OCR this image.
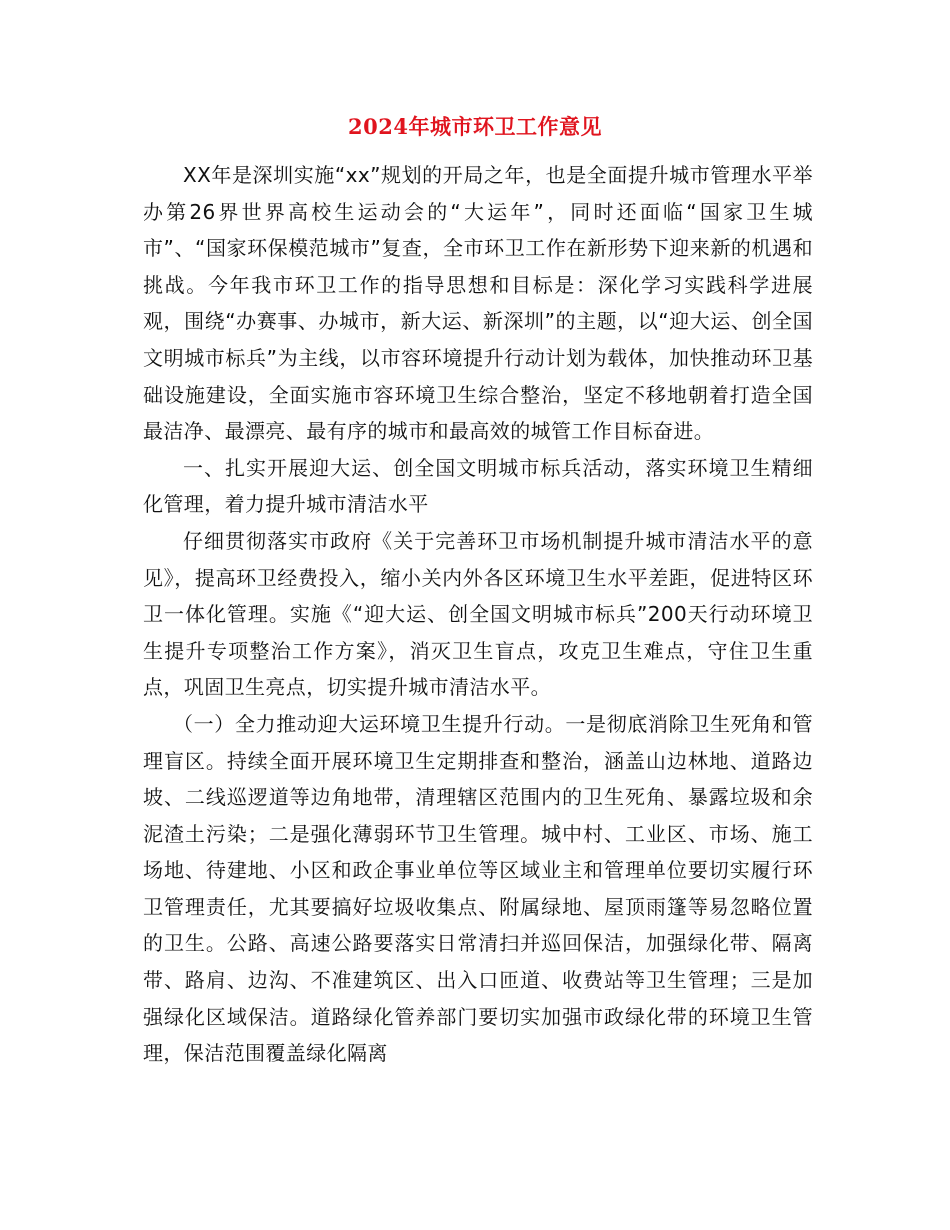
2024年城市环卫工作意见

XX年是深圳实施“xx”规划的开局之年，也是全面提升城市管理水平举办第26界世界高校生运动会的“大运年”，同时还面临“国家卫生城市”、“国家环保模范城市”复查，全市环卫工作在新形势下迎来新的机遇和挑战。今年我市环卫工作的指导思想和目标是：深化学习实践科学进展观，围绕“办赛事、办城市，新大运、新深圳”的主题，以“迎大运、创全国文明城市标兵”为主线，以市容环境提升行动计划为载体，加快推动环卫基础设施建设，全面实施市容环境卫生综合整治，坚定不移地朝着打造全国最洁净、最漂亮、最有序的城市和最高效的城管工作目标奋进。

一、扎实开展迎大运、创全国文明城市标兵活动，落实环境卫生精细化管理，着力提升城市清洁水平

仔细贯彻落实市政府《关于完善环卫市场机制提升城市清洁水平的意见》，提高环卫经费投入，缩小关内外各区环境卫生水平差距，促进特区环卫一体化管理。实施《“迎大运、创全国文明城市标兵”200天行动环境卫生提升专项整治工作方案》，消灭卫生盲点，攻克卫生难点，守住卫生重点，巩固卫生亮点，切实提升城市清洁水平。

（一）全力推动迎大运环境卫生提升行动。一是彻底消除卫生死角和管理盲区。持续全面开展环境卫生定期排查和整治，涵盖山边林地、道路边坡、二线巡逻道等边角地带，清理辖区范围内的卫生死角、暴露垃圾和余泥渣土污染；二是强化薄弱环节卫生管理。城中村、工业区、市场、施工场地、待建地、小区和政企事业单位等区域业主和管理单位要切实履行环卫管理责任，尤其要搞好垃圾收集点、附属绿地、屋顶雨篷等易忽略位置的卫生。公路、高速公路要落实日常清扫并巡回保洁，加强绿化带、隔离带、路肩、边沟、不准建筑区、出入口匝道、收费站等卫生管理；三是加强绿化区域保洁。道路绿化管养部门要切实加强市政绿化带的环境卫生管理，保洁范围覆盖绿化隔离
